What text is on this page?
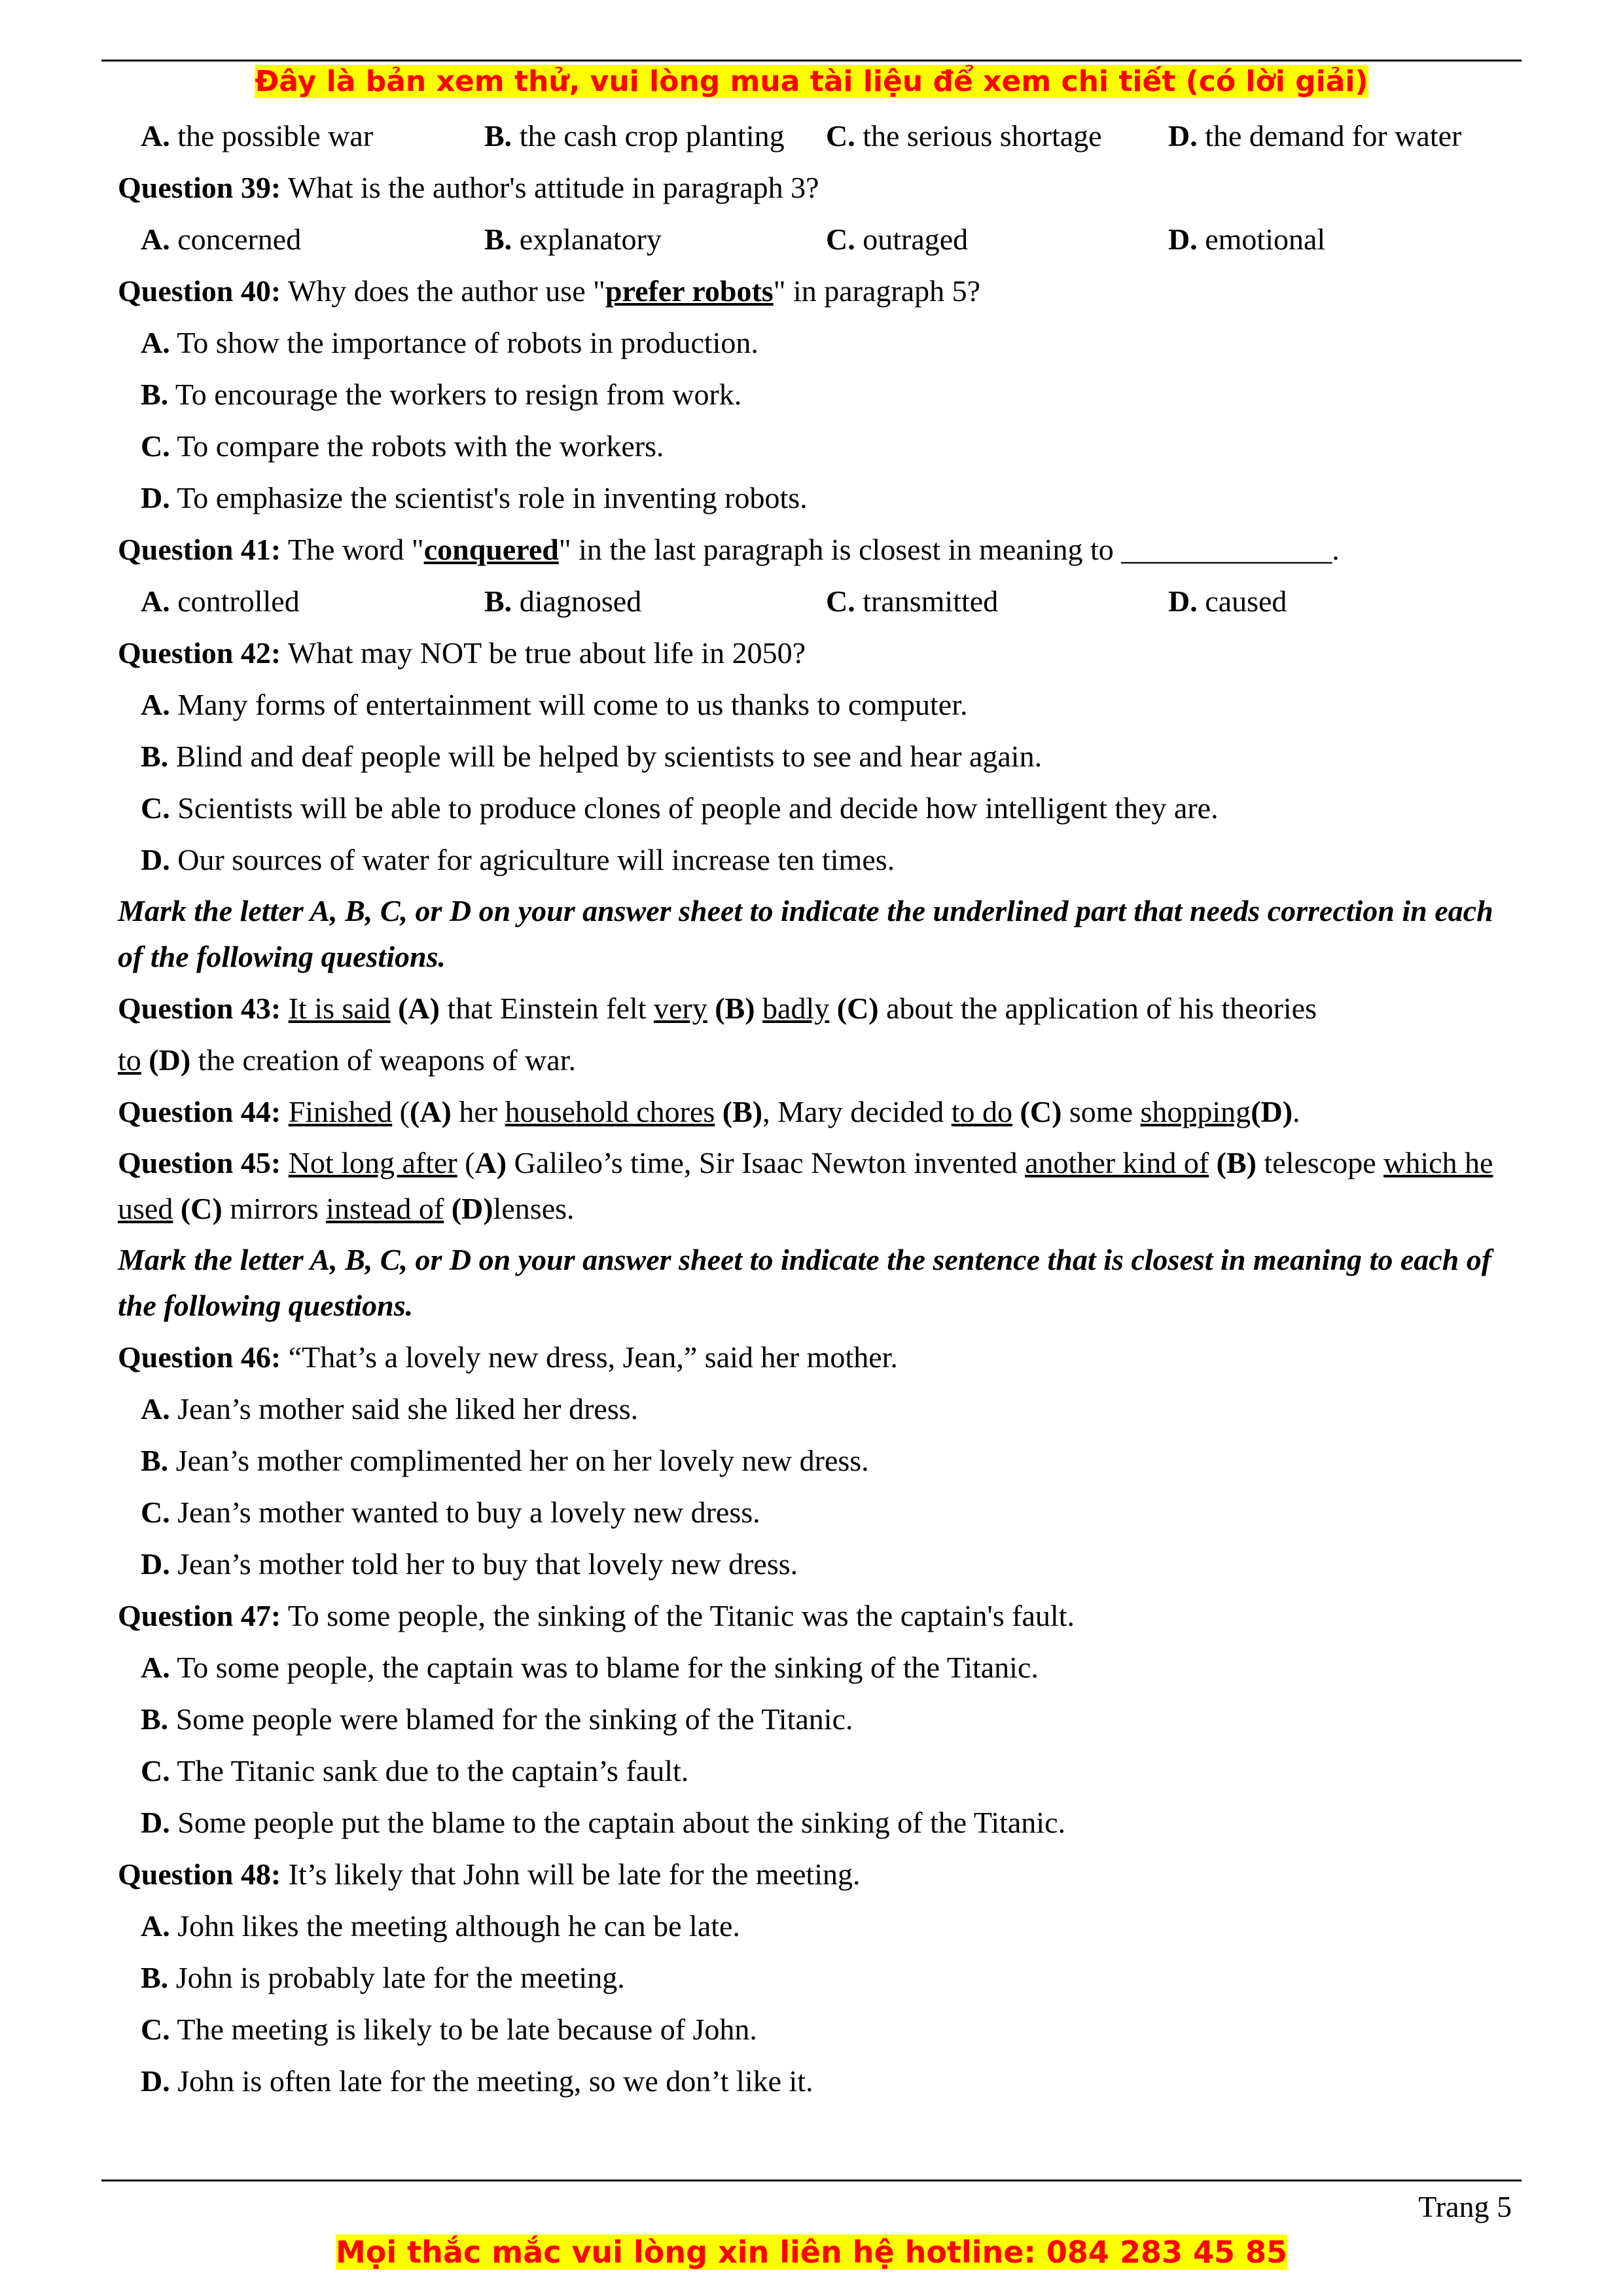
Đây là bản xem thử, vui lòng mua tài liệu để xem chi tiết (có lời giải)
A. the possible war	B. the cash crop planting C. the serious shortage D. the demand for water
Question 39: What is the author's attitude in paragraph 3?
A. concerned	B. explanatory	C. outraged	D. emotional
Question 40: Why does the author use "prefer robots" in paragraph 5?
A. To show the importance of robots in production.
B. To encourage the workers to resign from work.
C. To compare the robots with the workers.
D. To emphasize the scientist's role in inventing robots.
Question 41: The word "conquered" in the last paragraph is closest in meaning to ______________.
A. controlled	B. diagnosed	C. transmitted	D. caused
Question 42: What may NOT be true about life in 2050?
A. Many forms of entertainment will come to us thanks to computer.
B. Blind and deaf people will be helped by scientists to see and hear again.
C. Scientists will be able to produce clones of people and decide how intelligent they are.
D. Our sources of water for agriculture will increase ten times.
Mark the letter A, B, C, or D on your answer sheet to indicate the underlined part that needs correction in each of the following questions.
Question 43: It is said (A) that Einstein felt very (B) badly (C) about the application of his theories
to (D) the creation of weapons of war.
Question 44: Finished ((A) her household chores (B), Mary decided to do (C) some shopping(D).
Question 45: Not long after (A) Galileo’s time, Sir Isaac Newton invented another kind of (B) telescope which he used (C) mirrors instead of (D)lenses.
Mark the letter A, B, C, or D on your answer sheet to indicate the sentence that is closest in meaning to each of the following questions.
Question 46: “That’s a lovely new dress, Jean,” said her mother.
A. Jean’s mother said she liked her dress.
B. Jean’s mother complimented her on her lovely new dress.
C. Jean’s mother wanted to buy a lovely new dress.
D. Jean’s mother told her to buy that lovely new dress.
Question 47: To some people, the sinking of the Titanic was the captain's fault.
A. To some people, the captain was to blame for the sinking of the Titanic.
B. Some people were blamed for the sinking of the Titanic.
C. The Titanic sank due to the captain’s fault.
D. Some people put the blame to the captain about the sinking of the Titanic.
Question 48: It’s likely that John will be late for the meeting.
A. John likes the meeting although he can be late.
B. John is probably late for the meeting.
C. The meeting is likely to be late because of John.
D. John is often late for the meeting, so we don’t like it.
Trang 5
Mọi thắc mắc vui lòng xin liên hệ hotline: 084 283 45 85
